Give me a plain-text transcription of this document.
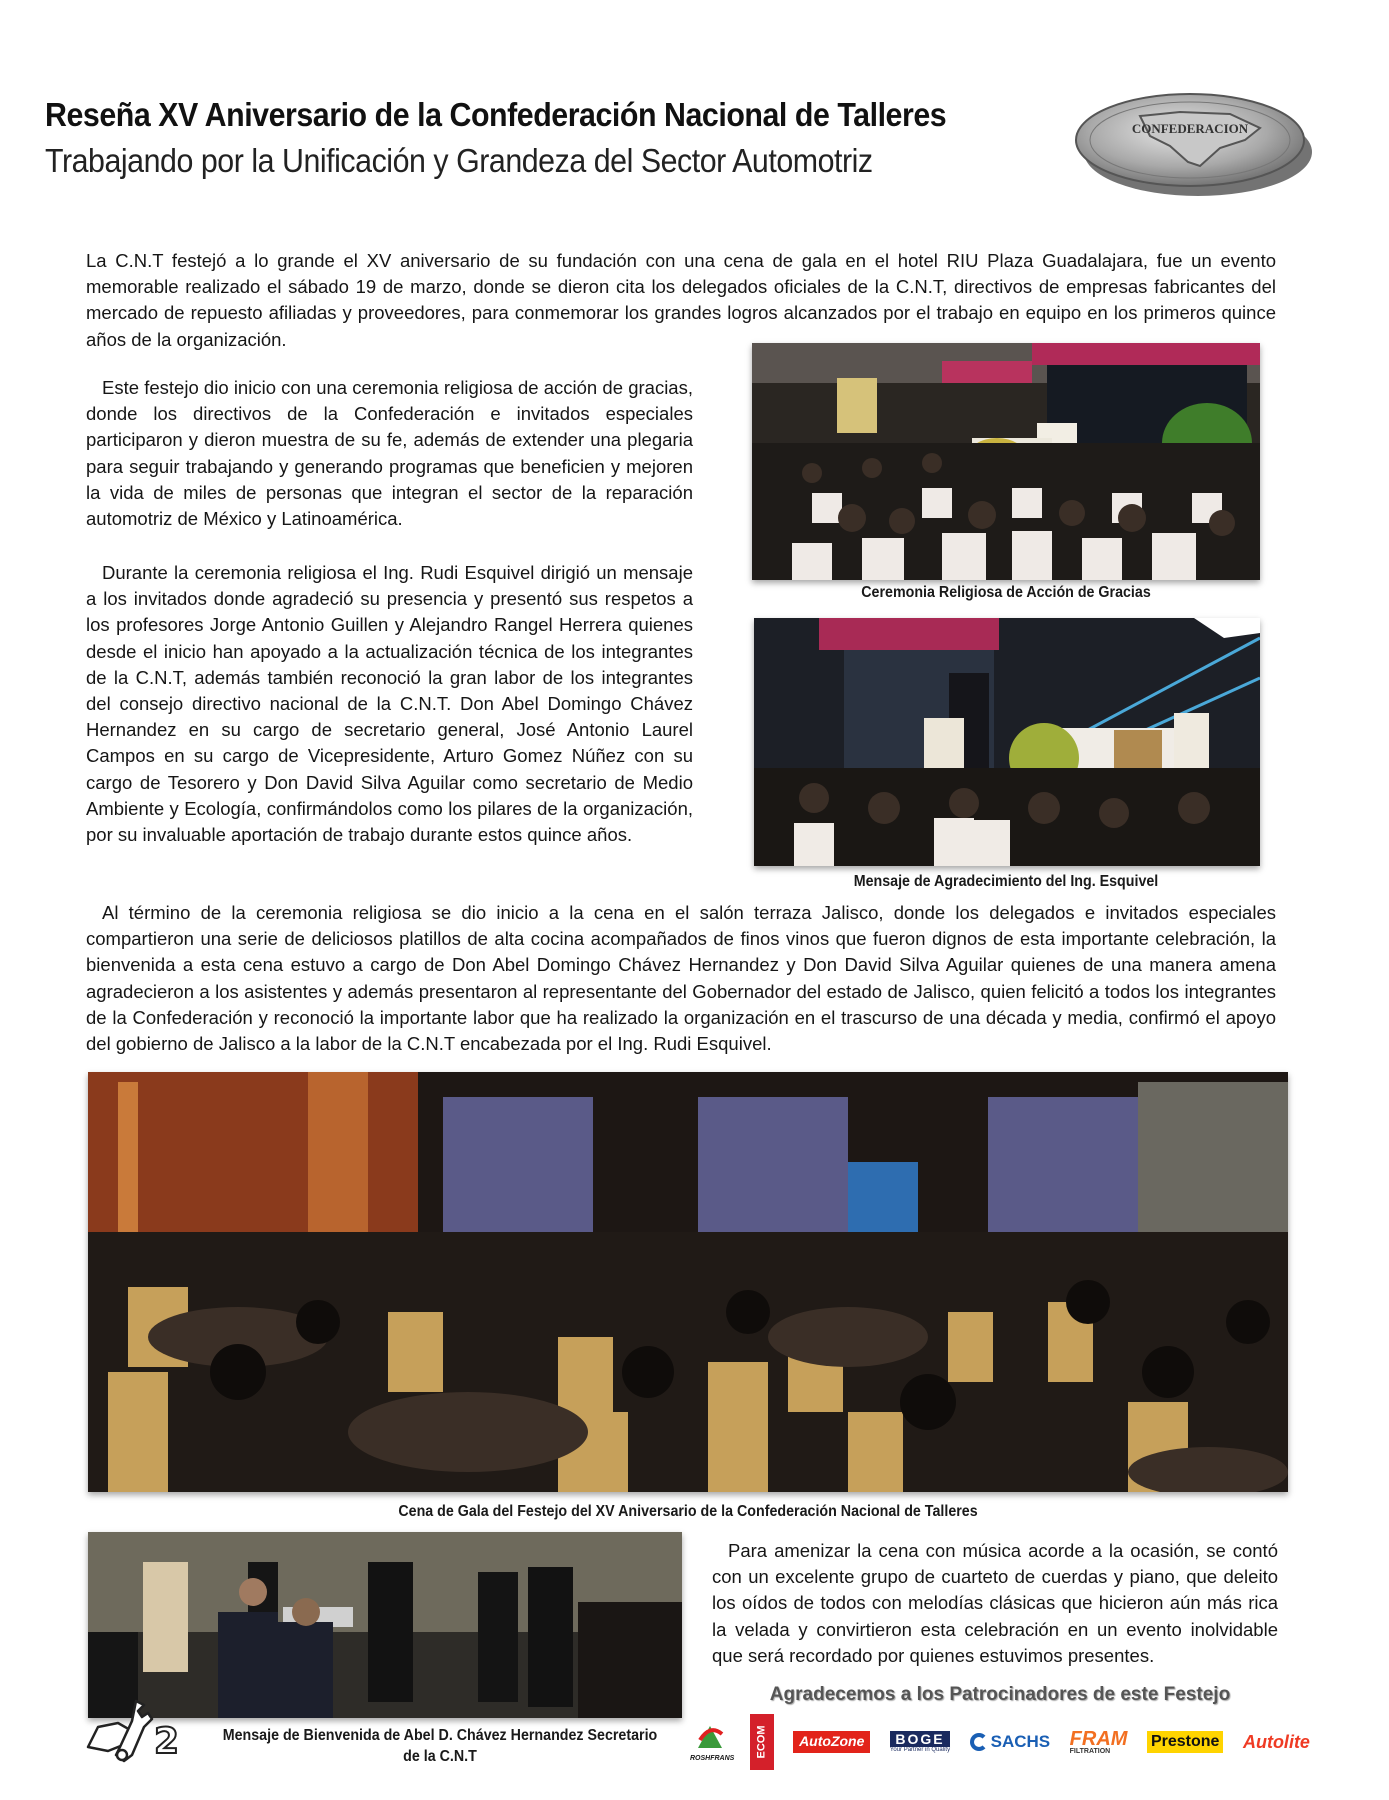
Reseña XV Aniversario de la Confederación Nacional de Talleres
Trabajando por la Unificación y Grandeza del Sector Automotriz
CONFEDERACION

La C.N.T festejó a lo grande el XV aniversario de su fundación con una cena de gala en el hotel RIU Plaza Guadalajara, fue un evento memorable realizado el sábado 19 de marzo, donde se dieron cita los delegados oficiales de la C.N.T, directivos de empresas fabricantes del mercado de repuesto afiliadas y proveedores, para conmemorar los grandes logros alcanzados por el trabajo en equipo en los primeros quince años de la organización.

Este festejo dio inicio con una ceremonia religiosa de acción de gracias, donde los directivos de la Confederación e invitados especiales participaron y dieron muestra de su fe, además de extender una plegaria para seguir trabajando y generando programas que beneficien y mejoren la vida de miles de personas que integran el sector de la reparación automotriz de México y Latinoamérica.

Durante la ceremonia religiosa el Ing. Rudi Esquivel dirigió un mensaje a los invitados donde agradeció su presencia y presentó sus respetos a los profesores Jorge Antonio Guillen y Alejandro Rangel Herrera quienes desde el inicio han apoyado a la actualización técnica de los integrantes de la C.N.T, además también reconoció la gran labor de los integrantes del consejo directivo nacional de la C.N.T. Don Abel Domingo Chávez Hernandez en su cargo de secretario general, José Antonio Laurel Campos en su cargo de Vicepresidente, Arturo Gomez Núñez con su cargo de Tesorero y Don David Silva Aguilar como secretario de Medio Ambiente y Ecología, confirmándolos como los pilares de la organización, por su invaluable aportación de trabajo durante estos quince años.

Al término de la ceremonia religiosa se dio inicio a la cena en el salón terraza Jalisco, donde los delegados e invitados especiales compartieron una serie de deliciosos platillos de alta cocina acompañados de finos vinos que fueron dignos de esta importante celebración, la bienvenida a esta cena estuvo a cargo de Don Abel Domingo Chávez Hernandez y Don David Silva Aguilar quienes de una manera amena agradecieron a los asistentes y además presentaron al representante del Gobernador del estado de Jalisco, quien felicitó a todos los integrantes de la Confederación y reconoció la importante labor que ha realizado la organización en el trascurso de una década y media, confirmó el apoyo del gobierno de Jalisco a la labor de la C.N.T encabezada por el Ing. Rudi Esquivel.

Para amenizar la cena con música acorde a la ocasión, se contó con un excelente grupo de cuarteto de cuerdas y piano, que deleito los oídos de todos con melodías clásicas que hicieron aún más rica la velada y convirtieron esta celebración en un evento inolvidable que será recordado por quienes estuvimos presentes.

Ceremonia Religiosa de Acción de Gracias
Mensaje de Agradecimiento del Ing. Esquivel
Cena de Gala del Festejo del XV Aniversario de la Confederación Nacional de Talleres
Mensaje de Bienvenida de Abel D. Chávez Hernandez Secretario de la C.N.T
2
Agradecemos a los Patrocinadores de este Festejo
ROSHFRANS ECOM	AutoZone	BOGE
Your Partner in Quality SACHS FRAM
FILTRATION
Prestone Autolite
